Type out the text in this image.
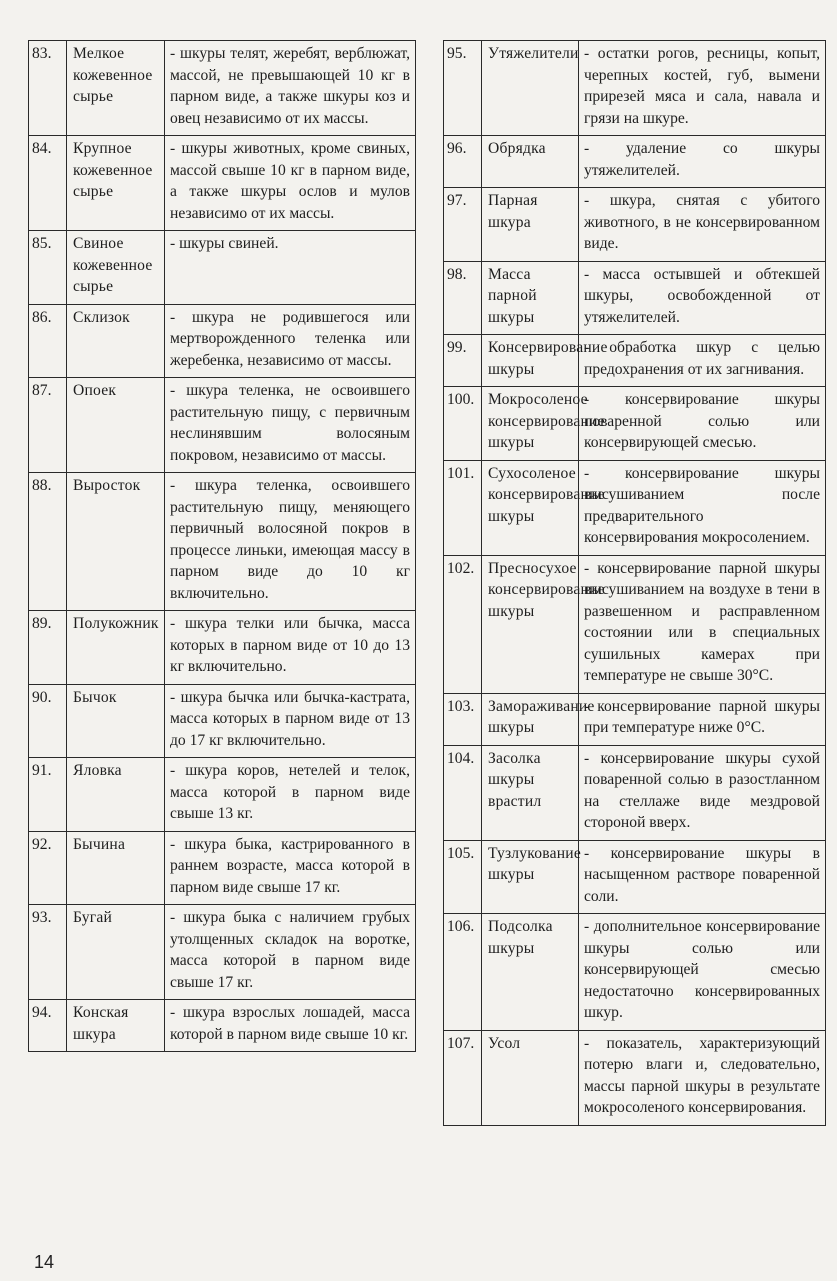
83.	Мелкое кожевенное сырье	- шкуры телят, жеребят, верблюжат, массой, не превышающей 10 кг в парном виде, а также шкуры коз и овец независимо от их массы.
84.	Крупное кожевенное сырье	- шкуры животных, кроме свиных, массой свыше 10 кг в парном виде, а также шкуры ослов и мулов независимо от их массы.
85.	Свиное кожевенное сырье	- шкуры свиней.
86.	Склизок	- шкура не родившегося или мертворожденного теленка или жеребенка, независимо от массы.
87.	Опоек	- шкура теленка, не освоившего растительную пищу, с первичным неслинявшим волосяным покровом, независимо от массы.
88.	Выросток	- шкура теленка, освоившего растительную пищу, меняющего первичный волосяной покров в процессе линьки, имеющая массу в парном виде до 10 кг включительно.
89.	Полукожник	- шкура телки или бычка, масса которых в парном виде от 10 до 13 кг включительно.
90.	Бычок	- шкура бычка или бычка-кастрата, масса которых в парном виде от 13 до 17 кг включительно.
91.	Яловка	- шкура коров, нетелей и телок, масса которой в парном виде свыше 13 кг.
92.	Бычина	- шкура быка, кастрированного в раннем возрасте, масса которой в парном виде свыше 17 кг.
93.	Бугай	- шкура быка с наличием грубых утолщенных складок на воротке, масса которой в парном виде свыше 17 кг.
94.	Конская шкура	- шкура взрослых лошадей, масса которой в парном виде свыше 10 кг.
95.	Утяжелители	- остатки рогов, ресницы, копыт, черепных костей, губ, вымени прирезей мяса и сала, навала и грязи на шкуре.
96.	Обрядка	- удаление со шкуры утяжелителей.
97.	Парная шкура	- шкура, снятая с убитого животного, в не консервированном виде.
98.	Масса парной шкуры	- масса остывшей и обтекшей шкуры, освобожденной от утяжелителей.
99.	Консервирование шкуры	- обработка шкур с целью предохранения от их загнивания.
100.	Мокросоленое консервирование шкуры	- консервирование шкуры поваренной солью или консервирующей смесью.
101.	Сухосоленое консервирование шкуры	- консервирование шкуры высушиванием после предварительного консервирования мокросолением.
102.	Пресносухое консервирование шкуры	- консервирование парной шкуры высушиванием на воздухе в тени в развешенном и расправленном состоянии или в специальных сушильных камерах при температуре не свыше 30°С.
103.	Замораживание шкуры	- консервирование парной шкуры при температуре ниже 0°С.
104.	Засолка шкуры врастил	- консервирование шкуры сухой поваренной солью в разостланном на стеллаже виде мездровой стороной вверх.
105.	Тузлукование шкуры	- консервирование шкуры в насыщенном растворе поваренной соли.
106.	Подсолка шкуры	- дополнительное консервирование шкуры солью или консервирующей смесью недостаточно консервированных шкур.
107.	Усол	- показатель, характеризующий потерю влаги и, следовательно, массы парной шкуры в результате мокросоленого консервирования.
14
